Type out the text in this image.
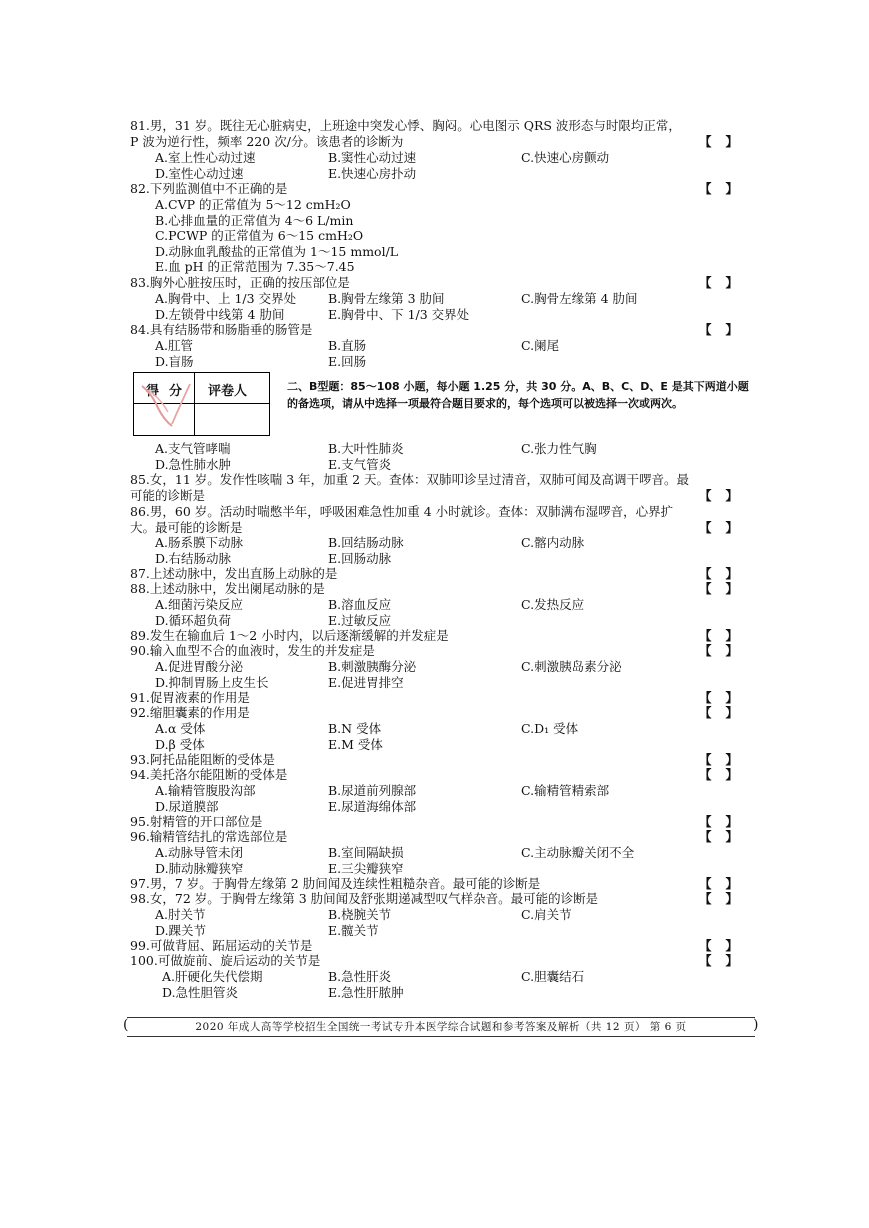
81.男，31 岁。既往无心脏病史，上班途中突发心悸、胸闷。心电图示 QRS 波形态与时限均正常，
P 波为逆行性，频率 220 次/分。该患者的诊断为	【】
A.室上性心动过速	B.窦性心动过速	C.快速心房颤动
D.室性心动过速	E.快速心房扑动
82.下列监测值中不正确的是	【】
A.CVP 的正常值为 5～12 cmH₂O
B.心排血量的正常值为 4～6 L/min
C.PCWP 的正常值为 6～15 cmH₂O
D.动脉血乳酸盐的正常值为 1～15 mmol/L
E.血 pH 的正常范围为 7.35～7.45
83.胸外心脏按压时，正确的按压部位是	【】
A.胸骨中、上 1/3 交界处	B.胸骨左缘第 3 肋间	C.胸骨左缘第 4 肋间
D.左锁骨中线第 4 肋间	E.胸骨中、下 1/3 交界处
84.具有结肠带和肠脂垂的肠管是	【】
A.肛管	B.直肠	C.阑尾
D.盲肠	E.回肠
得分 评卷人	二、B型题：85～108 小题，每小题 1.25 分，共 30 分。A、B、C、D、E 是其下两道小题的备选项，请从中选择一项最符合题目要求的，每个选项可以被选择一次或两次。
A.支气管哮喘	B.大叶性肺炎	C.张力性气胸
D.急性肺水肿	E.支气管炎
85.女，11 岁。发作性咳喘 3 年，加重 2 天。查体：双肺叩诊呈过清音，双肺可闻及高调干啰音。最
可能的诊断是	【】
86.男，60 岁。活动时喘憋半年，呼吸困难急性加重 4 小时就诊。查体：双肺满布湿啰音，心界扩
大。最可能的诊断是	【】
A.肠系膜下动脉	B.回结肠动脉	C.髂内动脉
D.右结肠动脉	E.回肠动脉
87.上述动脉中，发出直肠上动脉的是	【】
88.上述动脉中，发出阑尾动脉的是	【】
A.细菌污染反应	B.溶血反应	C.发热反应
D.循环超负荷	E.过敏反应
89.发生在输血后 1～2 小时内，以后逐渐缓解的并发症是	【】
90.输入血型不合的血液时，发生的并发症是	【】
A.促进胃酸分泌	B.刺激胰酶分泌	C.刺激胰岛素分泌
D.抑制胃肠上皮生长	E.促进胃排空
91.促胃液素的作用是	【】
92.缩胆囊素的作用是	【】
A.α 受体	B.N 受体	C.D₁ 受体
D.β 受体	E.M 受体
93.阿托品能阻断的受体是	【】
94.美托洛尔能阻断的受体是	【】
A.输精管腹股沟部	B.尿道前列腺部	C.输精管精索部
D.尿道膜部	E.尿道海绵体部
95.射精管的开口部位是	【】
96.输精管结扎的常选部位是	【】
A.动脉导管未闭	B.室间隔缺损	C.主动脉瓣关闭不全
D.肺动脉瓣狭窄	E.三尖瓣狭窄
97.男，7 岁。于胸骨左缘第 2 肋间闻及连续性粗糙杂音。最可能的诊断是	【】
98.女，72 岁。于胸骨左缘第 3 肋间闻及舒张期递减型叹气样杂音。最可能的诊断是	【】
A.肘关节	B.桡腕关节	C.肩关节
D.踝关节	E.髋关节
99.可做背屈、跖屈运动的关节是	【】
100.可做旋前、旋后运动的关节是	【】
A.肝硬化失代偿期	B.急性肝炎	C.胆囊结石
D.急性胆管炎	E.急性肝脓肿
(	2020 年成人高等学校招生全国统一考试专升本医学综合试题和参考答案及解析（共 12 页） 第 6 页	)
